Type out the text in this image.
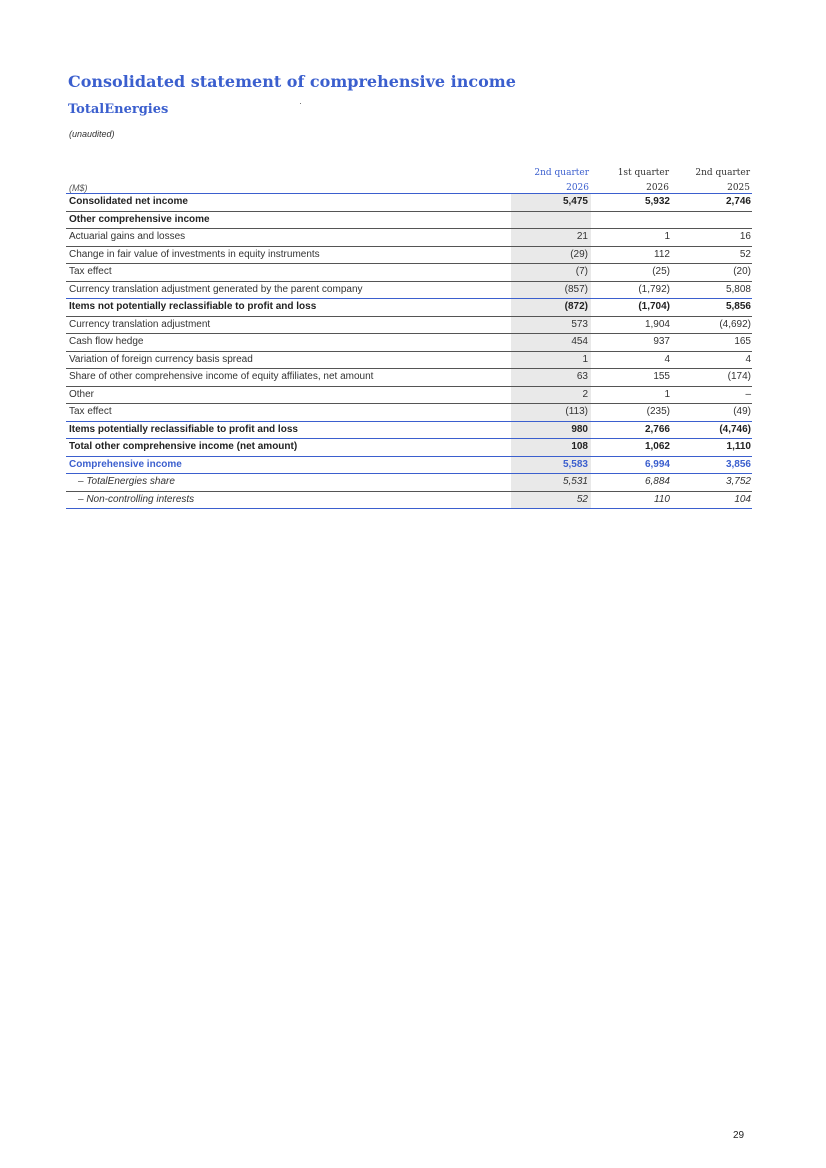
Consolidated statement of comprehensive income
TotalEnergies
(unaudited)
	2nd quarter	1st quarter	2nd quarter
(M$)	2026	2026	2025
Consolidated net income	5,475	5,932	2,746
Other comprehensive income			
Actuarial gains and losses	21	1	16
Change in fair value of investments in equity instruments	(29)	112	52
Tax effect	(7)	(25)	(20)
Currency translation adjustment generated by the parent company	(857)	(1,792)	5,808
Items not potentially reclassifiable to profit and loss	(872)	(1,704)	5,856
Currency translation adjustment	573	1,904	(4,692)
Cash flow hedge	454	937	165
Variation of foreign currency basis spread	1	4	4
Share of other comprehensive income of equity affiliates, net amount	63	155	(174)
Other	2	1	–
Tax effect	(113)	(235)	(49)
Items potentially reclassifiable to profit and loss	980	2,766	(4,746)
Total other comprehensive income (net amount)	108	1,062	1,110
Comprehensive income	5,583	6,994	3,856
– TotalEnergies share	5,531	6,884	3,752
– Non-controlling interests	52	110	104
29
